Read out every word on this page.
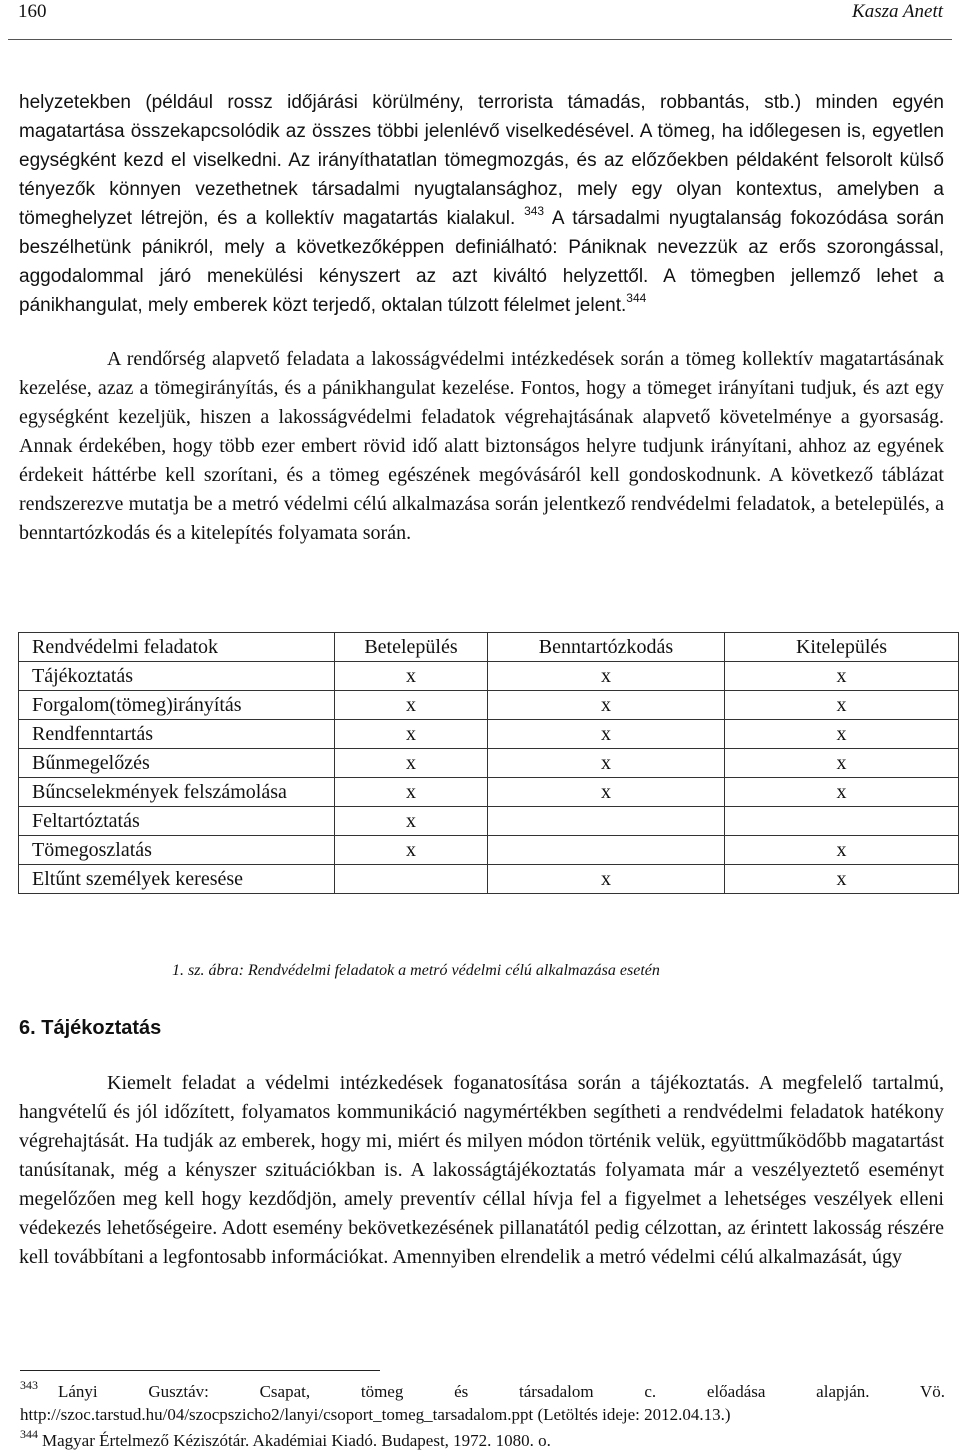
160	Kasza Anett

helyzetekben (például rossz időjárási körülmény, terrorista támadás, robbantás, stb.) minden egyén magatartása összekapcsolódik az összes többi jelenlévő viselkedésével. A tömeg, ha időlegesen is, egyetlen egységként kezd el viselkedni. Az irányíthatatlan tömegmozgás, és az előzőekben példaként felsorolt külső tényezők könnyen vezethetnek társadalmi nyugtalansághoz, mely egy olyan kontextus, amelyben a tömeghelyzet létrejön, és a kollektív magatartás kialakul. $^{343}$ A társadalmi nyugtalanság fokozódása során beszélhetünk pánikról, mely a következőképpen definiálható: Pániknak nevezzük az erős szorongással, aggodalommal járó menekülési kényszert az azt kiváltó helyzettől. A tömegben jellemző lehet a pánikhangulat, mely emberek közt terjedő, oktalan túlzott félelmet jelent.$^{344}$

A rendőrség alapvető feladata a lakosságvédelmi intézkedések során a tömeg kollektív magatartásának kezelése, azaz a tömegirányítás, és a pánikhangulat kezelése. Fontos, hogy a tömeget irányítani tudjuk, és azt egy egységként kezeljük, hiszen a lakosságvédelmi feladatok végrehajtásának alapvető követelménye a gyorsaság. Annak érdekében, hogy több ezer embert rövid idő alatt biztonságos helyre tudjunk irányítani, ahhoz az egyének érdekeit háttérbe kell szorítani, és a tömeg egészének megóvásáról kell gondoskodnunk. A következő táblázat rendszerezve mutatja be a metró védelmi célú alkalmazása során jelentkező rendvédelmi feladatok, a betelepülés, a benntartózkodás és a kitelepítés folyamata során.

Rendvédelmi feladatok	Betelepülés	Benntartózkodás	Kitelepülés
Tájékoztatás	x	x	x
Forgalom(tömeg)irányítás	x	x	x
Rendfenntartás	x	x	x
Bűnmegelőzés	x	x	x
Bűncselekmények felszámolása	x	x	x
Feltartóztatás	x		
Tömegoszlatás	x		x
Eltűnt személyek keresése		x	x
1. sz. ábra: Rendvédelmi feladatok a metró védelmi célú alkalmazása esetén
6. Tájékoztatás

Kiemelt feladat a védelmi intézkedések foganatosítása során a tájékoztatás. A megfelelő tartalmú, hangvételű és jól időzített, folyamatos kommunikáció nagymértékben segítheti a rendvédelmi feladatok hatékony végrehajtását. Ha tudják az emberek, hogy mi, miért és milyen módon történik velük, együttműködőbb magatartást tanúsítanak, még a kényszer szituációkban is. A lakosságtájékoztatás folyamata már a veszélyeztető eseményt megelőzően meg kell hogy kezdődjön, amely preventív céllal hívja fel a figyelmet a lehetséges veszélyek elleni védekezés lehetőségeire. Adott esemény bekövetkezésének pillanatától pedig célzottan, az érintett lakosság részére kell továbbítani a legfontosabb információkat. Amennyiben elrendelik a metró védelmi célú alkalmazását, úgy

$^{343}$ Lányi Gusztáv: Csapat, tömeg és társadalom c. előadása alapján. Vö. http://szoc.tarstud.hu/04/szocpszicho2/lanyi/csoport_tomeg_tarsadalom.ppt (Letöltés ideje: 2012.04.13.)

$^{344}$ Magyar Értelmező Kéziszótár. Akadémiai Kiadó. Budapest, 1972. 1080. o.
